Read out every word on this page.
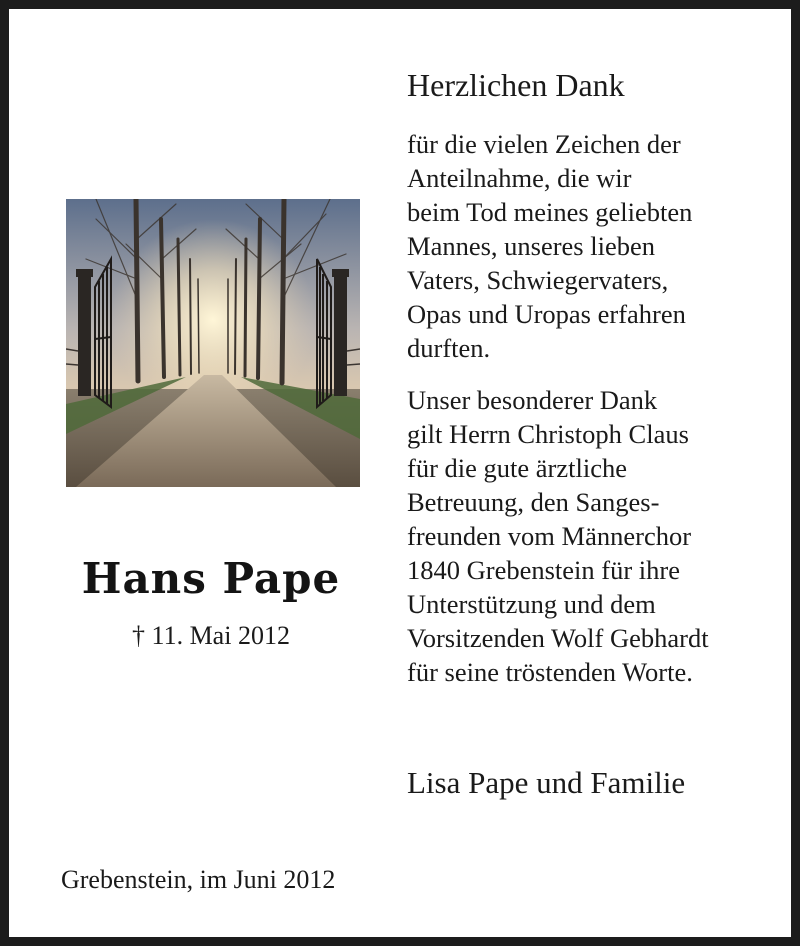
Hans Pape
† 11. Mai 2012
Grebenstein, im Juni 2012
Herzlichen Dank
für die vielen Zeichen der
Anteilnahme, die wir
beim Tod meines geliebten
Mannes, unseres lieben
Vaters, Schwiegervaters,
Opas und Uropas erfahren
durften.
Unser besonderer Dank
gilt Herrn Christoph Claus
für die gute ärztliche
Betreuung, den Sanges-
freunden vom Männerchor
1840 Grebenstein für ihre
Unterstützung und dem
Vorsitzenden Wolf Gebhardt
für seine tröstenden Worte.
Lisa Pape und Familie
